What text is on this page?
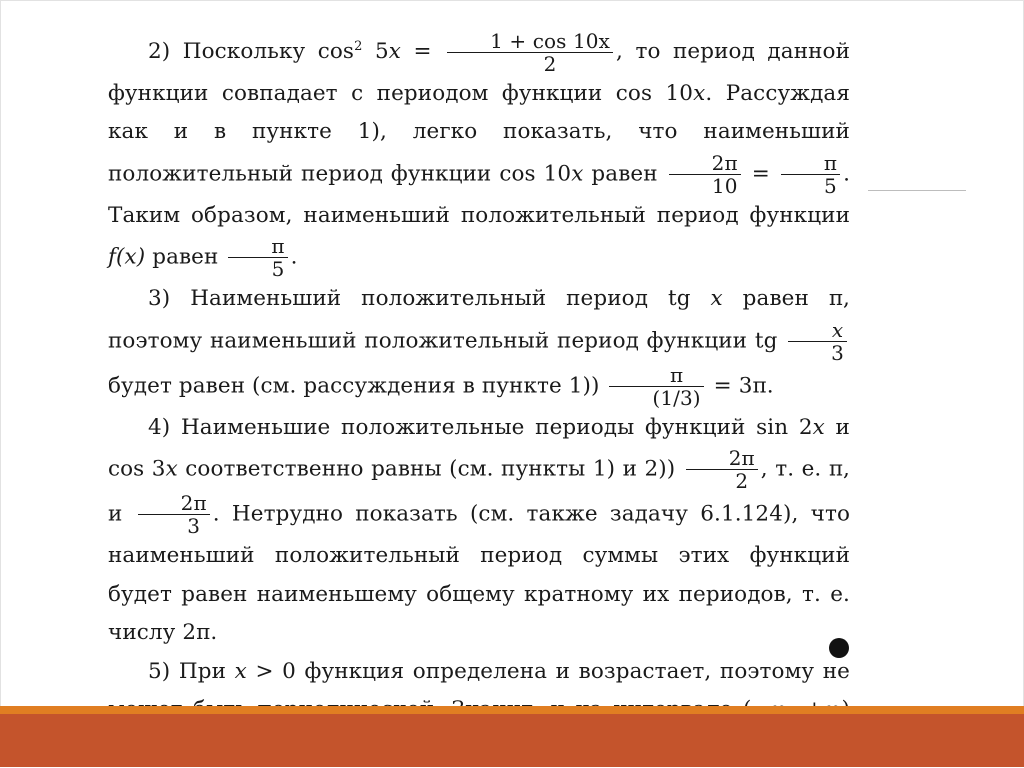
2) Поскольку $\cos^2 5x = \frac{1 + \cos 10x}{2}$ , то период данной функции совпадает с периодом функции cos 10x. Рассуждая как и в пункте 1), легко показать, что наименьший положительный период функции cos 10x равен $\frac{2\pi}{10} = \frac{\pi}{5}$ . Таким образом, наименьший положительный период функции f(x) равен $\frac{\pi}{5}$ .

3) Наименьший положительный период tg x равен π, поэтому наименьший положительный период функции tg $\frac{x}{3}$
будет равен (см. рассуждения в пункте $1)) \frac{\pi}{(1/3)} = 3\pi$.

4) Наименьшие положительные периоды функций sin 2x и cos 3x соответственно равны (см. пункты 1) и $2)) \frac{2\pi}{2}$ , т. е. π, и $\frac{2\pi}{3}$ . Нетрудно показать (см. также задачу 6.1.124), что наименьший положительный период суммы этих функций будет равен наименьшему общему кратному их периодов, т. е. числу 2π.

5) При x > 0 функция определена и возрастает, поэтому не
